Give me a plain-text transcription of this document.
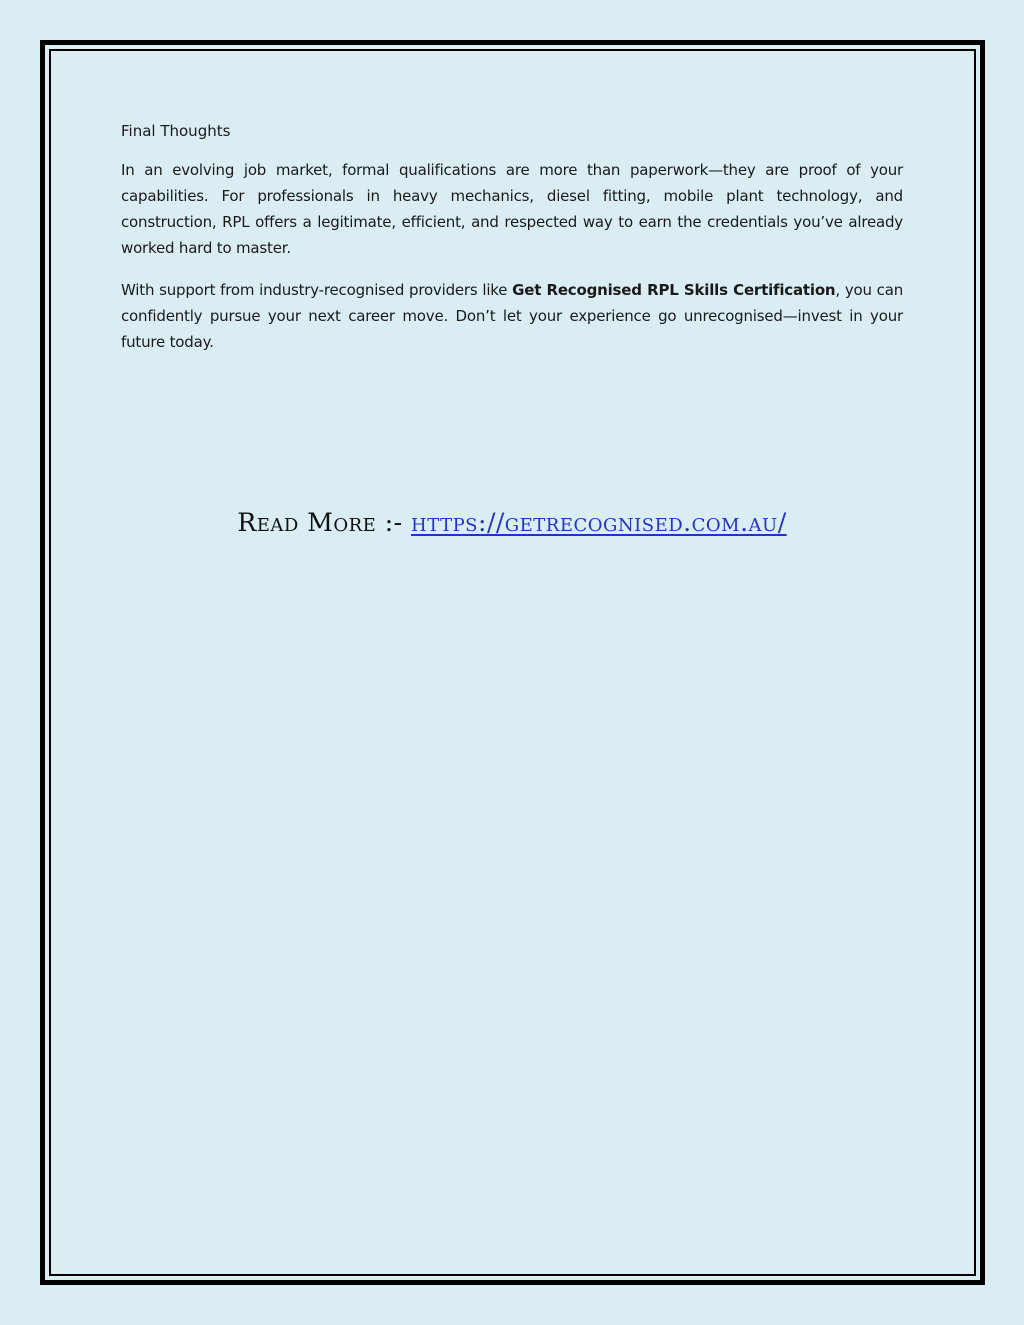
Final Thoughts

In an evolving job market, formal qualifications are more than paperwork—they are proof of your capabilities. For professionals in heavy mechanics, diesel fitting, mobile plant technology, and construction, RPL offers a legitimate, efficient, and respected way to earn the credentials you’ve already worked hard to master.

With support from industry-recognised providers like Get Recognised RPL Skills Certification, you can confidently pursue your next career move. Don’t let your experience go unrecognised—invest in your future today.

Read More :- https://getrecognised.com.au/
